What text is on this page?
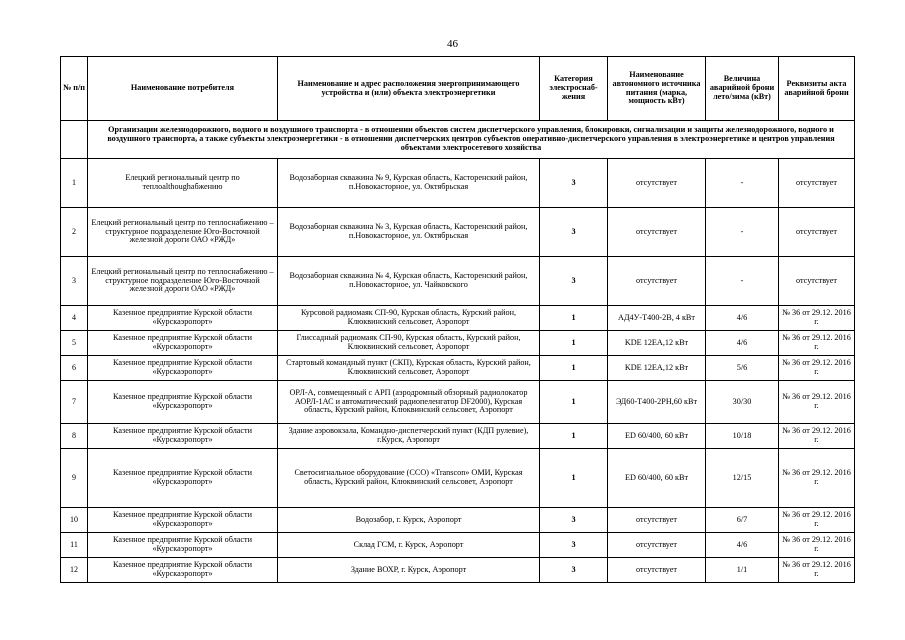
46
№ п/п	Наименование потребителя	Наименование и адрес расположения энергопринимающего устройства и (или) объекта электроэнергетики	Категория электроснаб-жения	Наименование автономного источника питания (марка, мощность кВт)	Величина аварийной брони лето/зима (кВт)	Реквизиты акта аварийной брони
	Организации железнодорожного, водного и воздушного транспорта - в отношении объектов систем диспетчерского управления, блокировки, сигнализации и защиты железнодорожного, водного и воздушного транспорта, а также субъекты электроэнергетики - в отношении диспетчерских центров субъектов оперативно-диспетчерского управления в электроэнергетике и центров управления объектами электросетевого хозяйства					
1	Елецкий региональный центр по теплоalthoughабжению	Водозаборная скважина № 9, Курская область, Касторенский район, п.Новокасторное, ул. Октябрьская	3	отсутствует	-	отсутствует
2	Елецкий региональный центр по теплоснабжению – структурное подразделение Юго-Восточной железной дороги ОАО «РЖД»	Водозаборная скважина № 3, Курская область, Касторенский район, п.Новокасторное, ул. Октябрьская	3	отсутствует	-	отсутствует
3	Елецкий региональный центр по теплоснабжению – структурное подразделение Юго-Восточной железной дороги ОАО «РЖД»	Водозаборная скважина № 4, Курская область, Касторенский район, п.Новокасторное, ул. Чайковского	3	отсутствует	-	отсутствует
4	Казенное предприятие Курской области «Курскаэропорт»	Курсовой радиомаяк СП-90, Курская область, Курский район, Клюквинский сельсовет, Аэропорт	1	АД4У-Т400-2В, 4 кВт	4/6	№ 36 от 29.12. 2016 г.
5	Казенное предприятие Курской области «Курскаэропорт»	Глиссадный радиомаяк СП-90, Курская область, Курский район, Клюквинский сельсовет, Аэропорт	1	KDE 12EA,12 кВт	4/6	№ 36 от 29.12. 2016 г.
6	Казенное предприятие Курской области «Курскаэропорт»	Стартовый командный пункт (СКП), Курская область, Курский район, Клюквинский сельсовет, Аэропорт	1	KDE 12EA,12 кВт	5/6	№ 36 от 29.12. 2016 г.
7	Казенное предприятие Курской области «Курскаэропорт»	ОРЛ-А, совмещенный с АРП (аэродромный обзорный радиолокатор АОРЛ-1АС и автоматический радиопеленгатор DF2000), Курская область, Курский район, Клюквинский сельсовет, Аэропорт	1	ЭД60-Т400-2РН,60 кВт	30/30	№ 36 от 29.12. 2016 г.
8	Казенное предприятие Курской области «Курскаэропорт»	Здание аэровокзала, Командно-диспетчерский пункт (КДП рулевие), г.Курск, Аэропорт	1	ED 60/400, 60 кВт	10/18	№ 36 от 29.12. 2016 г.
9	Казенное предприятие Курской области «Курскаэропорт»	Светосигнальное оборудование (ССО) «Transcon» ОМИ, Курская область, Курский район, Клюквинский сельсовет, Аэропорт	1	ED 60/400, 60 кВт	12/15	№ 36 от 29.12. 2016 г.
10	Казенное предприятие Курской области «Курскаэропорт»	Водозабор, г. Курск, Аэропорт	3	отсутствует	6/7	№ 36 от 29.12. 2016 г.
11	Казенное предприятие Курской области «Курскаэропорт»	Склад ГСМ, г. Курск, Аэропорт	3	отсутствует	4/6	№ 36 от 29.12. 2016 г.
12	Казенное предприятие Курской области «Курскаэропорт»	Здание ВОХР, г. Курск, Аэропорт	3	отсутствует	1/1	№ 36 от 29.12. 2016 г.
